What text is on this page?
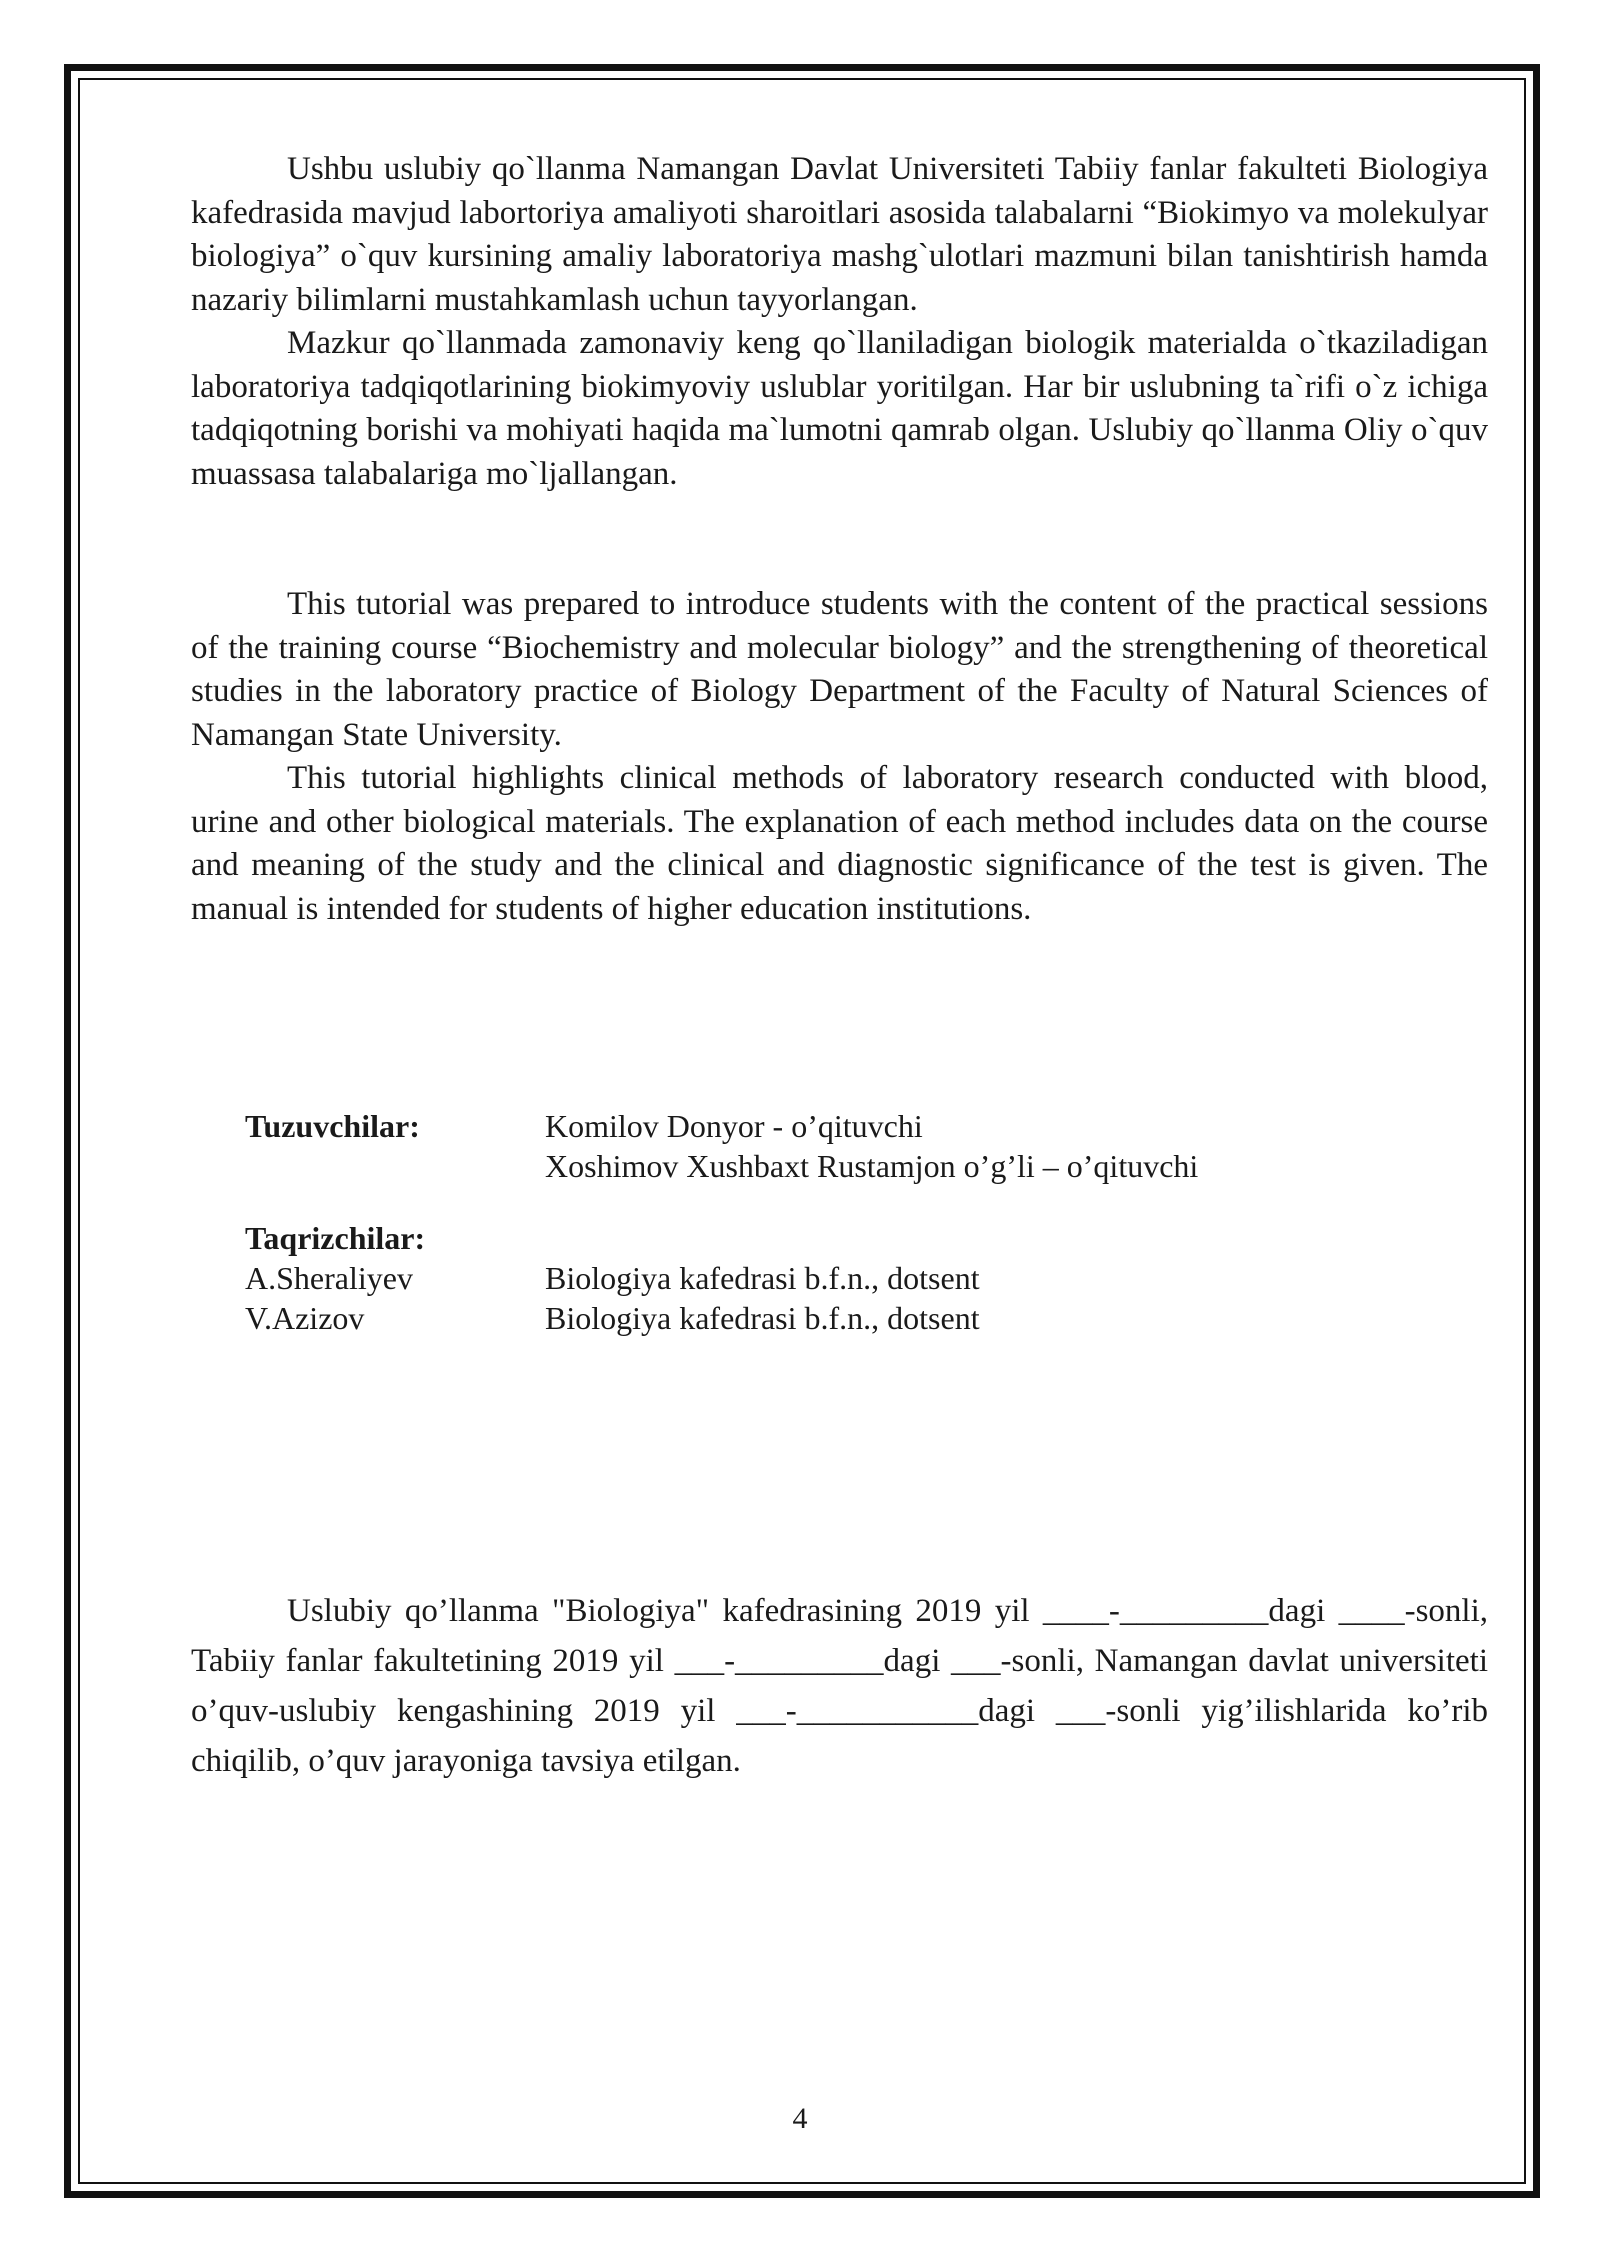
Ushbu uslubiy qo`llanma Namangan Davlat Universiteti Tabiiy fanlar fakulteti Biologiya kafedrasida mavjud labortoriya amaliyoti sharoitlari asosida talabalarni “Biokimyo va molekulyar biologiya” o`quv kursining amaliy laboratoriya mashg`ulotlari mazmuni bilan tanishtirish hamda nazariy bilimlarni mustahkamlash uchun tayyorlangan.

Mazkur qo`llanmada zamonaviy keng qo`llaniladigan biologik materialda o`tkaziladigan laboratoriya tadqiqotlarining biokimyoviy uslublar yoritilgan. Har bir uslubning ta`rifi o`z ichiga tadqiqotning borishi va mohiyati haqida ma`lumotni qamrab olgan. Uslubiy qo`llanma Oliy o`quv muassasa talabalariga mo`ljallangan.

This tutorial was prepared to introduce students with the content of the practical sessions of the training course “Biochemistry and molecular biology” and the strengthening of theoretical studies in the laboratory practice of Biology Department of the Faculty of Natural Sciences of Namangan State University.

This tutorial highlights clinical methods of laboratory research conducted with blood, urine and other biological materials. The explanation of each method includes data on the course and meaning of the study and the clinical and diagnostic significance of the test is given. The manual is intended for students of higher education institutions.

Tuzuvchilar:	Komilov Donyor - o’qituvchi
Xoshimov Xushbaxt Rustamjon o’g’li – o’qituvchi
Taqrizchilar:
A.Sheraliyev	Biologiya kafedrasi b.f.n., dotsent
V.Azizov	Biologiya kafedrasi b.f.n., dotsent

Uslubiy qo’llanma "Biologiya" kafedrasining 2019 yil ____-_________dagi ____-sonli, Tabiiy fanlar fakultetining 2019 yil ___-_________dagi ___-sonli, Namangan davlat universiteti o’quv-uslubiy kengashining 2019 yil ___-___________dagi ___-sonli yig’ilishlarida ko’rib chiqilib, o’quv jarayoniga tavsiya etilgan.

4
